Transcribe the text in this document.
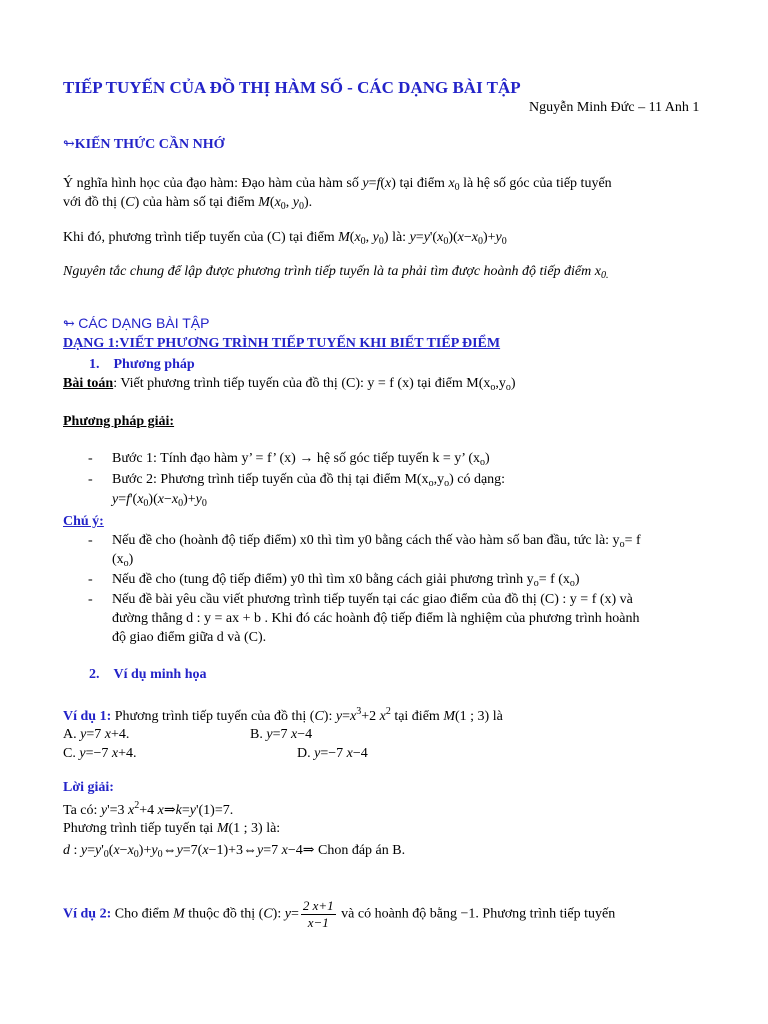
TIẾP TUYẾN CỦA ĐỒ THỊ HÀM SỐ - CÁC DẠNG BÀI TẬP
Nguyễn Minh Đức – 11 Anh 1
↬KIẾN THỨC CẦN NHỚ
Ý nghĩa hình học của đạo hàm: Đạo hàm của hàm số y=f(x) tại điểm $x_0$ là hệ số góc của tiếp tuyến
với đồ thị (C) của hàm số tại điểm $M(x_0$, $y_0$).
Khi đó, phương trình tiếp tuyến của (C) tại điểm $M(x_0$, $y_0$) là: $y=y'(x_0)(x-x_0)+y_0$
Nguyên tắc chung để lập được phương trình tiếp tuyến là ta phải tìm được hoành độ tiếp điểm $x_{0.}$
↬ CÁC DẠNG BÀI TẬP
DẠNG 1:VIẾT PHƯƠNG TRÌNH TIẾP TUYẾN KHI BIẾT TIẾP ĐIỂM
1. Phương pháp
Bài toán: Viết phương trình tiếp tuyến của đồ thị (C): y = f (x) tại điểm $M(x_o,y_o)$
Phương pháp giải:
- Bước 1: Tính đạo hàm y’ = f’ (x) → hệ số góc tiếp tuyến k = y’ $(x_o)$
- Bước 2: Phương trình tiếp tuyến của đồ thị tại điểm $M(x_o,y_o)$ có dạng:
$y=f'(x_0)(x-x_0)+y_0$
Chú ý:
- Nếu đề cho (hoành độ tiếp điểm) x0 thì tìm y0 bằng cách thế vào hàm số ban đầu, tức là: $y_o= f$
$(x_o)$
- Nếu đề cho (tung độ tiếp điểm) y0 thì tìm x0 bằng cách giải phương trình $y_o= f$ $(x_o)$
- Nếu đề bài yêu cầu viết phương trình tiếp tuyến tại các giao điểm của đồ thị (C) : y = f (x) và
đường thẳng d : y = ax + b . Khi đó các hoành độ tiếp điểm là nghiệm của phương trình hoành
độ giao điểm giữa d và (C).
2. Ví dụ minh họa
Ví dụ 1: Phương trình tiếp tuyến của đồ thị (C): $y=x^3+2$ $x^2$ tại điểm M(1 ; 3) là
A. y=7 x+4.	B. y=7 x−4
C. y=−7 x+4.	D. y=−7 x−4
Lời giải:
Ta có: y'=3 $x^2+4$ x⇒k=y'(1)=7.
Phương trình tiếp tuyến tại M(1 ; 3) là:
d : $y=y'_0(x-x_0)+y_0\Leftrightarrow y=7(x-1)+3\Leftrightarrow y=7$ x−4⇒ Chon đáp án B.
Ví dụ 2: Cho điểm M thuộc đồ thị (C): $y= \frac{2 x+1}{x-1}$ và có hoành độ bằng −1. Phương trình tiếp tuyến
